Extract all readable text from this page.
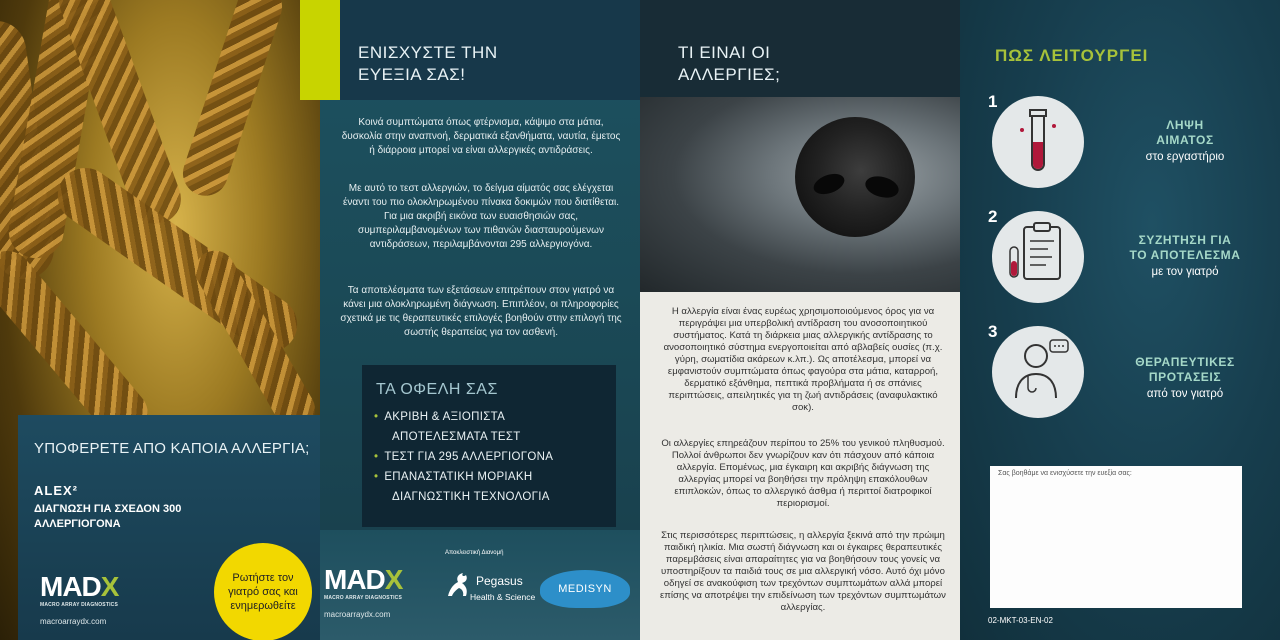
ΥΠΟΦΕΡΕΤΕ ΑΠΟ ΚΑΠΟΙΑ ΑΛΛΕΡΓΙΑ;
ALEX²
ΔΙΑΓΝΩΣΗ ΓΙΑ ΣΧΕΔΟΝ 300
ΑΛΛΕΡΓΙΟΓΟΝΑ
Ρωτήστε τον γιατρό σας και ενημερωθείτε
MADX
MACRO ARRAY DIAGNOSTICS
macroarraydx.com
ΕΝΙΣΧΥΣΤΕ ΤΗΝ
ΕΥΕΞΙΑ ΣΑΣ!
Κοινά συμπτώματα όπως φτέρνισμα, κάψιμο στα μάτια, δυσκολία στην αναπνοή, δερματικά εξανθήματα, ναυτία, έμετος ή διάρροια μπορεί να είναι αλλεργικές αντιδράσεις.
Με αυτό το τεστ αλλεργιών, το δείγμα αίματός σας ελέγχεται έναντι του πιο ολοκληρωμένου πίνακα δοκιμών που διατίθεται. Για μια ακριβή εικόνα των ευαισθησιών σας, συμπεριλαμβανομένων των πιθανών διασταυρούμενων αντιδράσεων, περιλαμβάνονται 295 αλλεργιογόνα.
Τα αποτελέσματα των εξετάσεων επιτρέπουν στον γιατρό να κάνει μια ολοκληρωμένη διάγνωση. Επιπλέον, οι πληροφορίες σχετικά με τις θεραπευτικές επιλογές βοηθούν στην επιλογή της σωστής θεραπείας για τον ασθενή.
ΤΑ ΟΦΕΛΗ ΣΑΣ
• ΑΚΡΙΒΗ & ΑΞΙΟΠΙΣΤΑ
ΑΠΟΤΕΛΕΣΜΑΤΑ ΤΕΣΤ
• ΤΕΣΤ ΓΙΑ 295 ΑΛΛΕΡΓΙΟΓΟΝΑ
• ΕΠΑΝΑΣΤΑΤΙΚΗ ΜΟΡΙΑΚΗ
ΔΙΑΓΝΩΣΤΙΚΗ ΤΕΧΝΟΛΟΓΙΑ
Αποκλειστική Διανομή
MADX
MACRO ARRAY DIAGNOSTICS
macroarraydx.com
Pegasus
Health & Science
MEDISYN
ΤΙ ΕΙΝΑΙ ΟΙ
ΑΛΛΕΡΓΙΕΣ;
Η αλλεργία είναι ένας ευρέως χρησιμοποιούμενος όρος για να περιγράψει μια υπερβολική αντίδραση του ανοσοποιητικού συστήματος. Κατά τη διάρκεια μιας αλλεργικής αντίδρασης το ανοσοποιητικό σύστημα ενεργοποιείται από αβλαβείς ουσίες (π.χ. γύρη, σωματίδια ακάρεων κ.λπ.). Ως αποτέλεσμα, μπορεί να εμφανιστούν συμπτώματα όπως φαγούρα στα μάτια, καταρροή, δερματικό εξάνθημα, πεπτικά προβλήματα ή σε σπάνιες περιπτώσεις, απειλητικές για τη ζωή αντιδράσεις (αναφυλακτικό σοκ).
Οι αλλεργίες επηρεάζουν περίπου το 25% του γενικού πληθυσμού. Πολλοί άνθρωποι δεν γνωρίζουν καν ότι πάσχουν από κάποια αλλεργία. Επομένως, μια έγκαιρη και ακριβής διάγνωση της αλλεργίας μπορεί να βοηθήσει την πρόληψη επακόλουθων επιπλοκών, όπως το αλλεργικό άσθμα ή περιττοί διατροφικοί περιορισμοί.
Στις περισσότερες περιπτώσεις, η αλλεργία ξεκινά από την πρώιμη παιδική ηλικία. Μια σωστή διάγνωση και οι έγκαιρες θεραπευτικές παρεμβάσεις είναι απαραίτητες για να βοηθήσουν τους γονείς να υποστηρίξουν τα παιδιά τους σε μια αλλεργική νόσο. Αυτό όχι μόνο οδηγεί σε ανακούφιση των τρεχόντων συμπτωμάτων αλλά μπορεί επίσης να αποτρέψει την επιδείνωση των τρεχόντων συμπτωμάτων αλλεργίας.
ΠΩΣ ΛΕΙΤΟΥΡΓΕΙ
1
ΛΗΨΗ
ΑΙΜΑΤΟΣ
στο εργαστήριο
2
ΣΥΖΗΤΗΣΗ ΓΙΑ
ΤΟ ΑΠΟΤΕΛΕΣΜΑ
με τον γιατρό
3
ΘΕΡΑΠΕΥΤΙΚΕΣ
ΠΡΟΤΑΣΕΙΣ
από τον γιατρό
Σας βοηθάμε να ενισχύσετε την ευεξία σας:
02-MKT-03-EN-02
